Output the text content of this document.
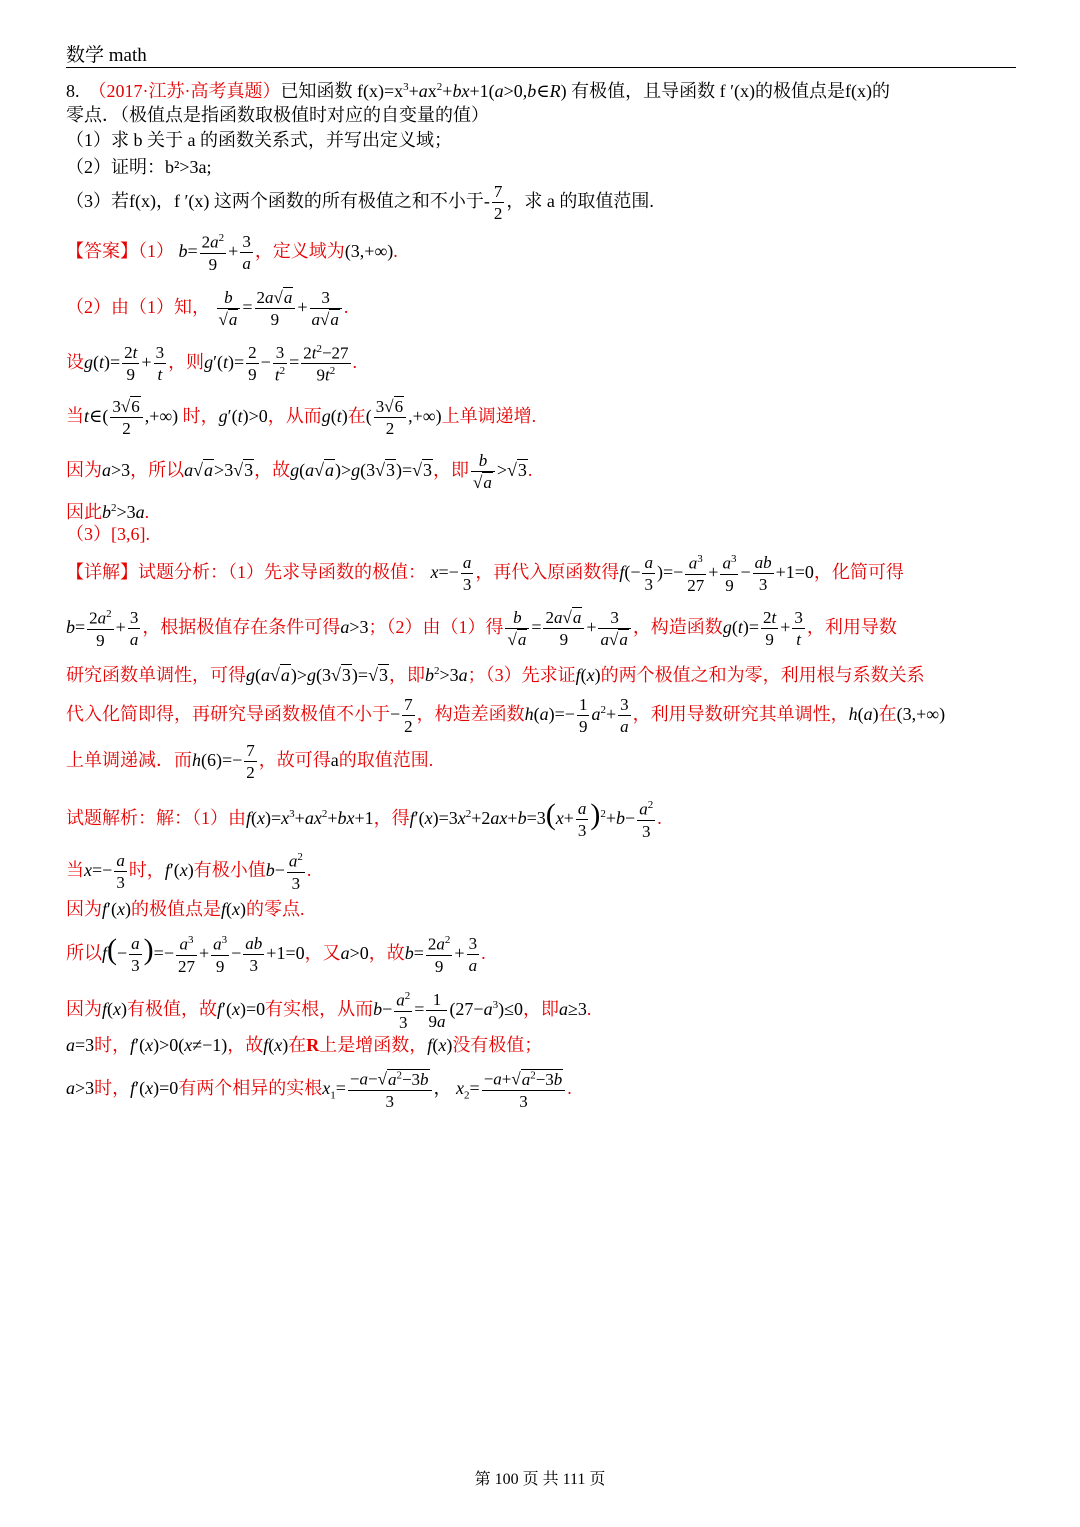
数学 math
8. （2017·江苏·高考真题）已知函数 $f(x)=x^3+ax^2+bx+1(a>0,b\in R)$ 有极值，且导函数 f ′(x)的极值点是f(x)的
零点．（极值点是指函数取极值时对应的自变量的值）
（1）求 b 关于 a 的函数关系式，并写出定义域；
（2）证明：b²>3a;
（3）若f(x)，f ′(x) 这两个函数的所有极值之和不小于- $\frac{7}{2}$ ，求 a 的取值范围.
【答案】（1） $b= \frac{2a^2}{9} + \frac{3}{a}$ ，定义域为(3,+∞).
（2）由（1）知， $\frac{b}{√a} = \frac{2a√a}{9} + \frac{3}{a√a}$ .
设$g(t)= \frac{2t}{9} + \frac{3}{t}$ ，则$g'(t)= \frac{2}{9} - \frac{3}{t^2} = \frac{2t^2-27}{9t^2}$ .
当t∈( $\frac{3√6}{2}$ ,+∞) 时，g′(t)>0，从而g(t)在( $\frac{3√6}{2}$ ,+∞)上单调递增.
因为a>3，所以a√a>3√3，故g(a√a)>g(3√3)=√3，即 $\frac{b}{√a} >√3$.
因此$b^2>3a$.
（3）[3,6].
【详解】试题分析：（1）先求导函数的极值： $x=- \frac{a}{3}$ ，再代入原函数得$f(- \frac{a}{3}$ )=− $\frac{a^3}{27} + \frac{a^3}{9} - \frac{ab}{3} +1=0$，化简可得
$b= \frac{2a^2}{9} + \frac{3}{a}$ ，根据极值存在条件可得a>3；（2）由（1）得 $\frac{b}{√a} = \frac{2a√a}{9} + \frac{3}{a√a}$ ，构造函数$g(t)= \frac{2t}{9} + \frac{3}{t}$ ，利用导数
研究函数单调性，可得g(a√a)>g(3√3)=√3，即$b^2>3a$；（3）先求证f(x)的两个极值之和为零，利用根与系数关系
代入化简即得，再研究导函数极值不小于− $\frac{7}{2}$ ，构造差函数$h(a)=- \frac{1}{9} a^2+ \frac{3}{a}$ ，利用导数研究其单调性，h(a)在(3,+∞)
上单调递减．而$h(6)=- \frac{7}{2}$ ，故可得a的取值范围.
试题解析：解：（1）由$f(x)=x^3+ax^2+bx+1$，得$f'(x)=3x^2+2ax+b=3(x+ \frac{a}{3} )^2+b- \frac{a^2}{3}$ .
当$x=- \frac{a}{3}$ 时，f′(x)有极小值$b- \frac{a^2}{3}$ .
因为f′(x)的极值点是f(x)的零点.
所以$f(- \frac{a}{3}$ )=− $\frac{a^3}{27} + \frac{a^3}{9} - \frac{ab}{3} +1=0$，又a>0，故$b= \frac{2a^2}{9} + \frac{3}{a}$ .
因为f(x)有极值，故f′(x)=0有实根，从而$b- \frac{a^2}{3} = \frac{1}{9a} (27-a^3)\le 0$，即a≥3.
a=3时，f′(x)>0(x≠−1)，故f(x)在R上是增函数，f(x)没有极值；
a>3时，f′(x)=0有两个相异的实根$x_1= \frac{-a-√a^2-3b}{3}$ ， $x_2= \frac{-a+√a^2-3b}{3}$ .
第 100 页 共 111 页
